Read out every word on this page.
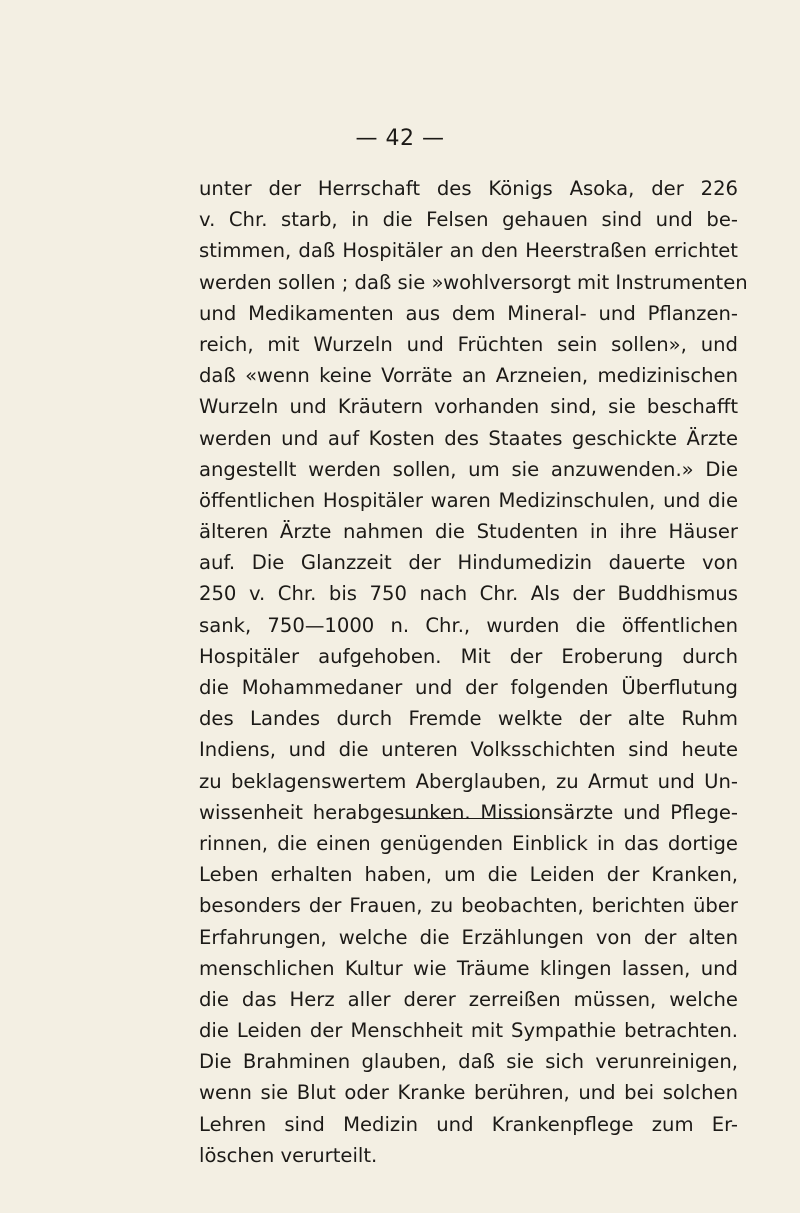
— 42 —
unter der Herrschaft des Königs Asoka, der 226
v. Chr. starb, in die Felsen gehauen sind und be-
stimmen, daß Hospitäler an den Heerstraßen errichtet
werden sollen ; daß sie »wohlversorgt mit Instrumenten
und Medikamenten aus dem Mineral- und Pflanzen-
reich, mit Wurzeln und Früchten sein sollen», und
daß «wenn keine Vorräte an Arzneien, medizinischen
Wurzeln und Kräutern vorhanden sind, sie beschafft
werden und auf Kosten des Staates geschickte Ärzte
angestellt werden sollen, um sie anzuwenden.» Die
öffentlichen Hospitäler waren Medizinschulen, und die
älteren Ärzte nahmen die Studenten in ihre Häuser
auf. Die Glanzzeit der Hindumedizin dauerte von
250 v. Chr. bis 750 nach Chr. Als der Buddhismus
sank, 750—1000 n. Chr., wurden die öffentlichen
Hospitäler aufgehoben. Mit der Eroberung durch
die Mohammedaner und der folgenden Überflutung
des Landes durch Fremde welkte der alte Ruhm
Indiens, und die unteren Volksschichten sind heute
zu beklagenswertem Aberglauben, zu Armut und Un-
wissenheit herabgesunken. Missionsärzte und Pflege-
rinnen, die einen genügenden Einblick in das dortige
Leben erhalten haben, um die Leiden der Kranken,
besonders der Frauen, zu beobachten, berichten über
Erfahrungen, welche die Erzählungen von der alten
menschlichen Kultur wie Träume klingen lassen, und
die das Herz aller derer zerreißen müssen, welche
die Leiden der Menschheit mit Sympathie betrachten.
Die Brahminen glauben, daß sie sich verunreinigen,
wenn sie Blut oder Kranke berühren, und bei solchen
Lehren sind Medizin und Krankenpflege zum Er-
löschen verurteilt.
